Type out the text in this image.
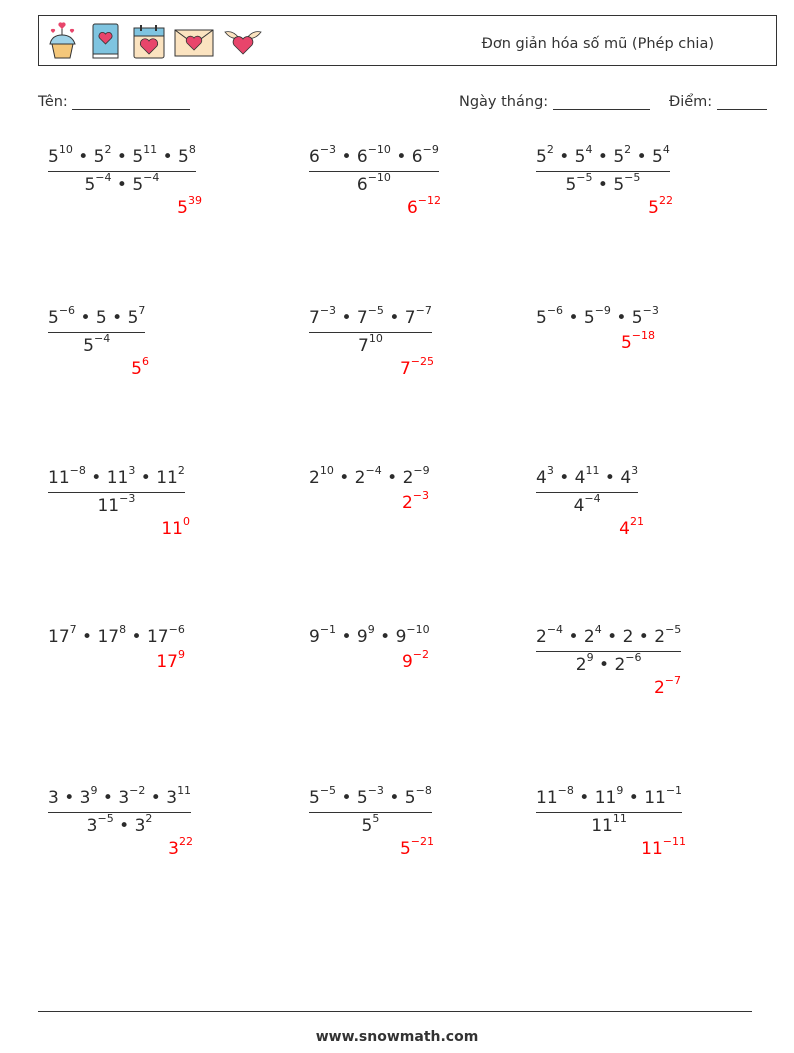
Đơn giản hóa số mũ (Phép chia)
Tên:	Ngày tháng:	Điểm:
$5^{10}$ • $5^2$ • $5^{11}$ • $5^8$
$5^{-4}$ • $5^{-4}$
$5^{39}$
$6^{-3}$ • $6^{-10}$ • $6^{-9}$
$6^{-10}$
$6^{-12}$
$5^2$ • $5^4$ • $5^2$ • $5^4$
$5^{-5}$ • $5^{-5}$
$5^{22}$
$5^{-6}$ • 5 • $5^7$
$5^{-4}$
$5^6$
$7^{-3}$ • $7^{-5}$ • $7^{-7}$
$7^{10}$
$7^{-25}$
$5^{-6}$ • $5^{-9}$ • $5^{-3}$
$5^{-18}$
$11^{-8}$ • $11^3$ • $11^2$
$11^{-3}$
$11^0$
$2^{10}$ • $2^{-4}$ • $2^{-9}$
$2^{-3}$
$4^3$ • $4^{11}$ • $4^3$
$4^{-4}$
$4^{21}$
$17^7$ • $17^8$ • $17^{-6}$
$17^9$
$9^{-1}$ • $9^9$ • $9^{-10}$
$9^{-2}$
$2^{-4}$ • $2^4$ • 2 • $2^{-5}$
$2^9$ • $2^{-6}$
$2^{-7}$
3 • $3^9$ • $3^{-2}$ • $3^{11}$
$3^{-5}$ • $3^2$
$3^{22}$
$5^{-5}$ • $5^{-3}$ • $5^{-8}$
$5^5$
$5^{-21}$
$11^{-8}$ • $11^9$ • $11^{-1}$
$11^{11}$
$11^{-11}$
www.snowmath.com
